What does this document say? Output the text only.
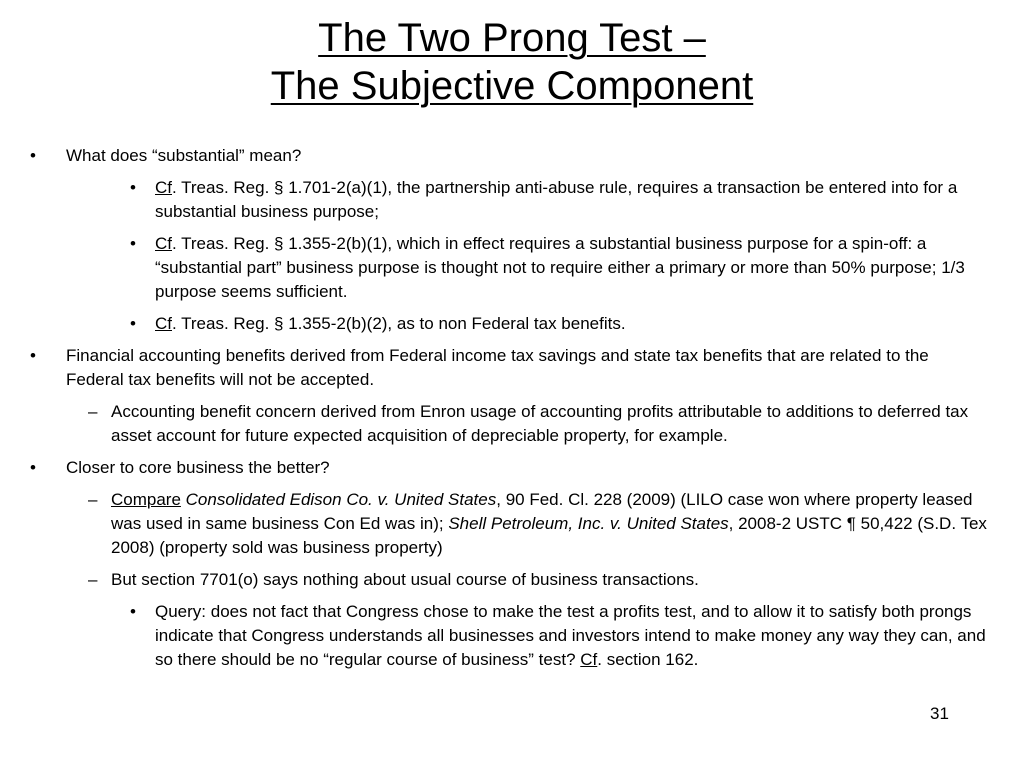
The Two Prong Test –
The Subjective Component
•	What does “substantial” mean?
•	Cf. Treas. Reg. § 1.701-2(a)(1), the partnership anti-abuse rule, requires a transaction be entered into for a substantial business purpose;
•	Cf. Treas. Reg. § 1.355-2(b)(1), which in effect requires a substantial business purpose for a spin-off: a “substantial part” business purpose is thought not to require either a primary or more than 50% purpose; 1/3 purpose seems sufficient.
•	Cf. Treas. Reg. § 1.355-2(b)(2), as to non Federal tax benefits.
•	Financial accounting benefits derived from Federal income tax savings and state tax benefits that are related to the Federal tax benefits will not be accepted.
– Accounting benefit concern derived from Enron usage of accounting profits attributable to additions to deferred tax asset account for future expected acquisition of depreciable property, for example.
•	Closer to core business the better?
– Compare Consolidated Edison Co. v. United States, 90 Fed. Cl. 228 (2009) (LILO case won where property leased was used in same business Con Ed was in); Shell Petroleum, Inc. v. United States, 2008-2 USTC ¶ 50,422 (S.D. Tex 2008) (property sold was business property)
– But section 7701(o) says nothing about usual course of business transactions.
•	Query: does not fact that Congress chose to make the test a profits test, and to allow it to satisfy both prongs indicate that Congress understands all businesses and investors intend to make money any way they can, and so there should be no “regular course of business” test? Cf. section 162.
31
